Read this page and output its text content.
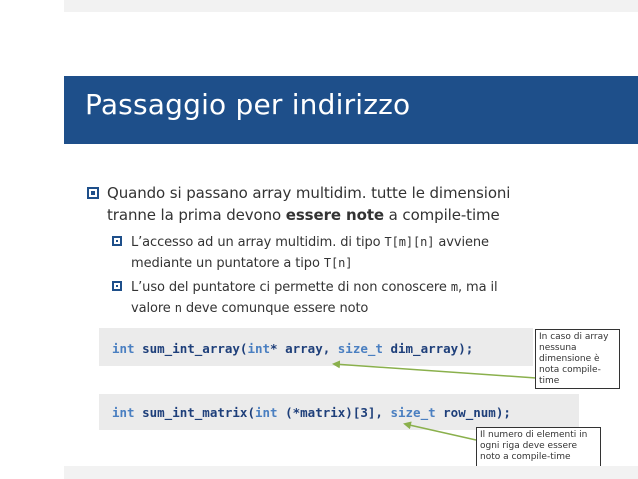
Passaggio per indirizzo
Quando si passano array multidim. tutte le dimensioni
tranne la prima devono essere note a compile-time
L’accesso ad un array multidim. di tipo T[m][n] avviene
mediante un puntatore a tipo T[n]
L’uso del puntatore ci permette di non conoscere m, ma il
valore n deve comunque essere noto
int sum_int_array(int* array, size_t dim_array);
int sum_int_matrix(int (*matrix)[3], size_t row_num);
In caso di array nessuna dimensione è nota compile-time
Il numero di elementi in ogni riga deve essere noto a compile-time
